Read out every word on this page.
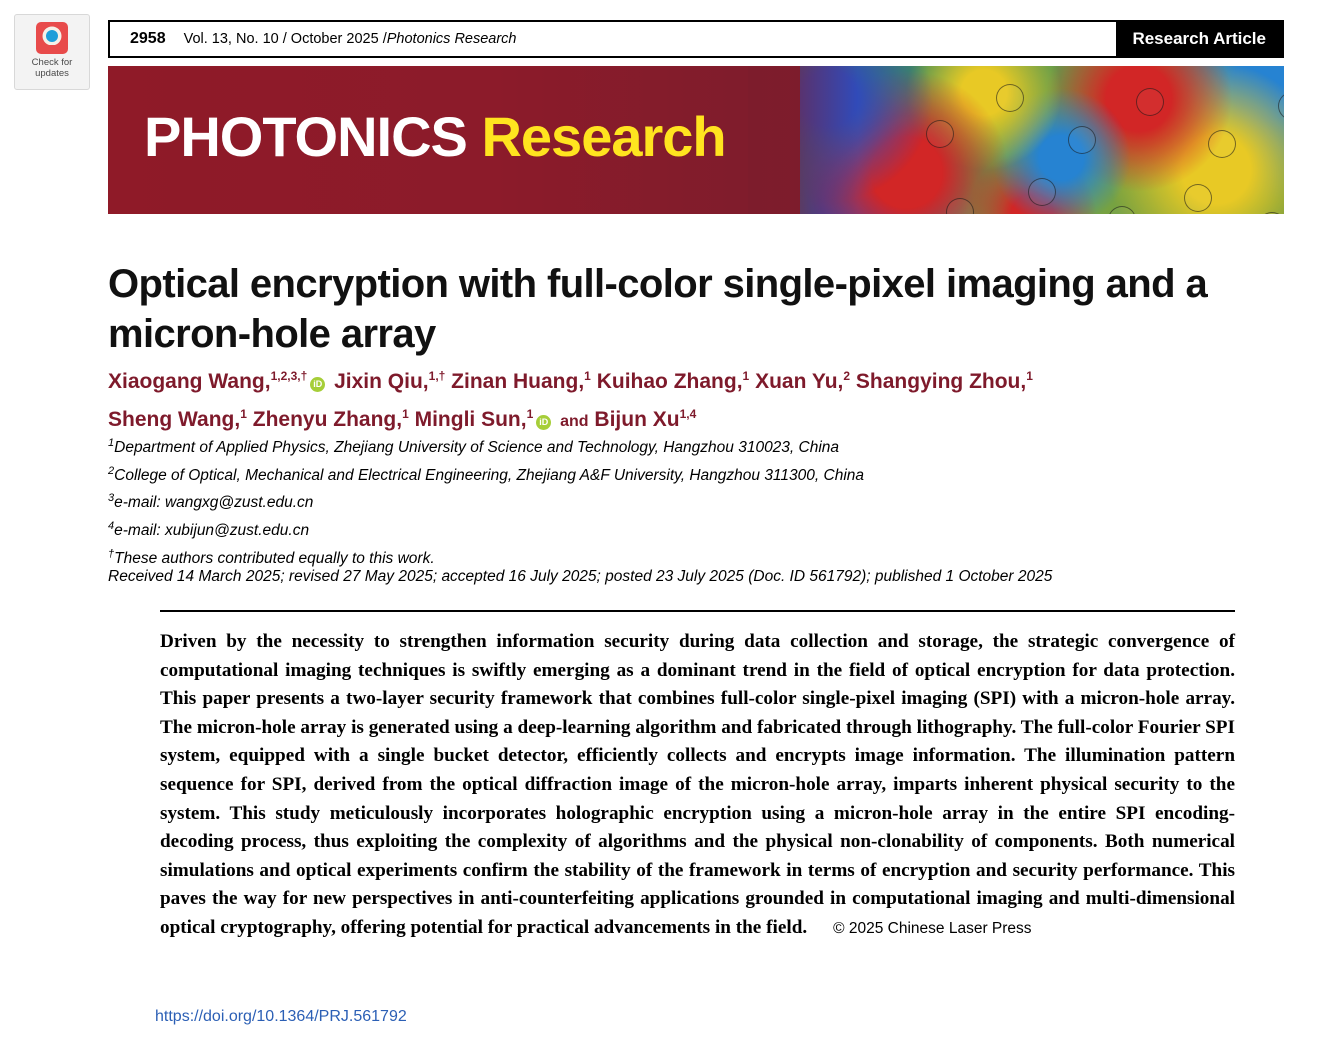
Check for
updates
2958	Vol. 13, No. 10 / October 2025 / Photonics Research	Research Article
PHOTONICS Research
Optical encryption with full-color single-pixel imaging and a micron-hole array
Xiaogang Wang,$^{1,2,3,\dagger}$iD Jixin Qiu,$^{1,\dagger}$ Zinan Huang,$^1$ Kuihao Zhang,$^1$ Xuan Yu,$^2$ Shangying Zhou,$^1$
Sheng Wang,$^1$ Zhenyu Zhang,$^1$ Mingli Sun,$^1$iD and Bijun Xu$^{1,4}$
$^1$Department of Applied Physics, Zhejiang University of Science and Technology, Hangzhou 310023, China
$^2$College of Optical, Mechanical and Electrical Engineering, Zhejiang A&F University, Hangzhou 311300, China
$^3$e-mail: wangxg@zust.edu.cn
$^4$e-mail: xubijun@zust.edu.cn
†These authors contributed equally to this work.
Received 14 March 2025; revised 27 May 2025; accepted 16 July 2025; posted 23 July 2025 (Doc. ID 561792); published 1 October 2025
Driven by the necessity to strengthen information security during data collection and storage, the strategic convergence of computational imaging techniques is swiftly emerging as a dominant trend in the field of optical encryption for data protection. This paper presents a two-layer security framework that combines full-color single-pixel imaging (SPI) with a micron-hole array. The micron-hole array is generated using a deep-learning algorithm and fabricated through lithography. The full-color Fourier SPI system, equipped with a single bucket detector, efficiently collects and encrypts image information. The illumination pattern sequence for SPI, derived from the optical diffraction image of the micron-hole array, imparts inherent physical security to the system. This study meticulously incorporates holographic encryption using a micron-hole array in the entire SPI encoding-decoding process, thus exploiting the complexity of algorithms and the physical non-clonability of components. Both numerical simulations and optical experiments confirm the stability of the framework in terms of encryption and security performance. This paves the way for new perspectives in anti-counterfeiting applications grounded in computational imaging and multi-dimensional optical cryptography, offering potential for practical advancements in the field. © 2025 Chinese Laser Press
https://doi.org/10.1364/PRJ.561792
